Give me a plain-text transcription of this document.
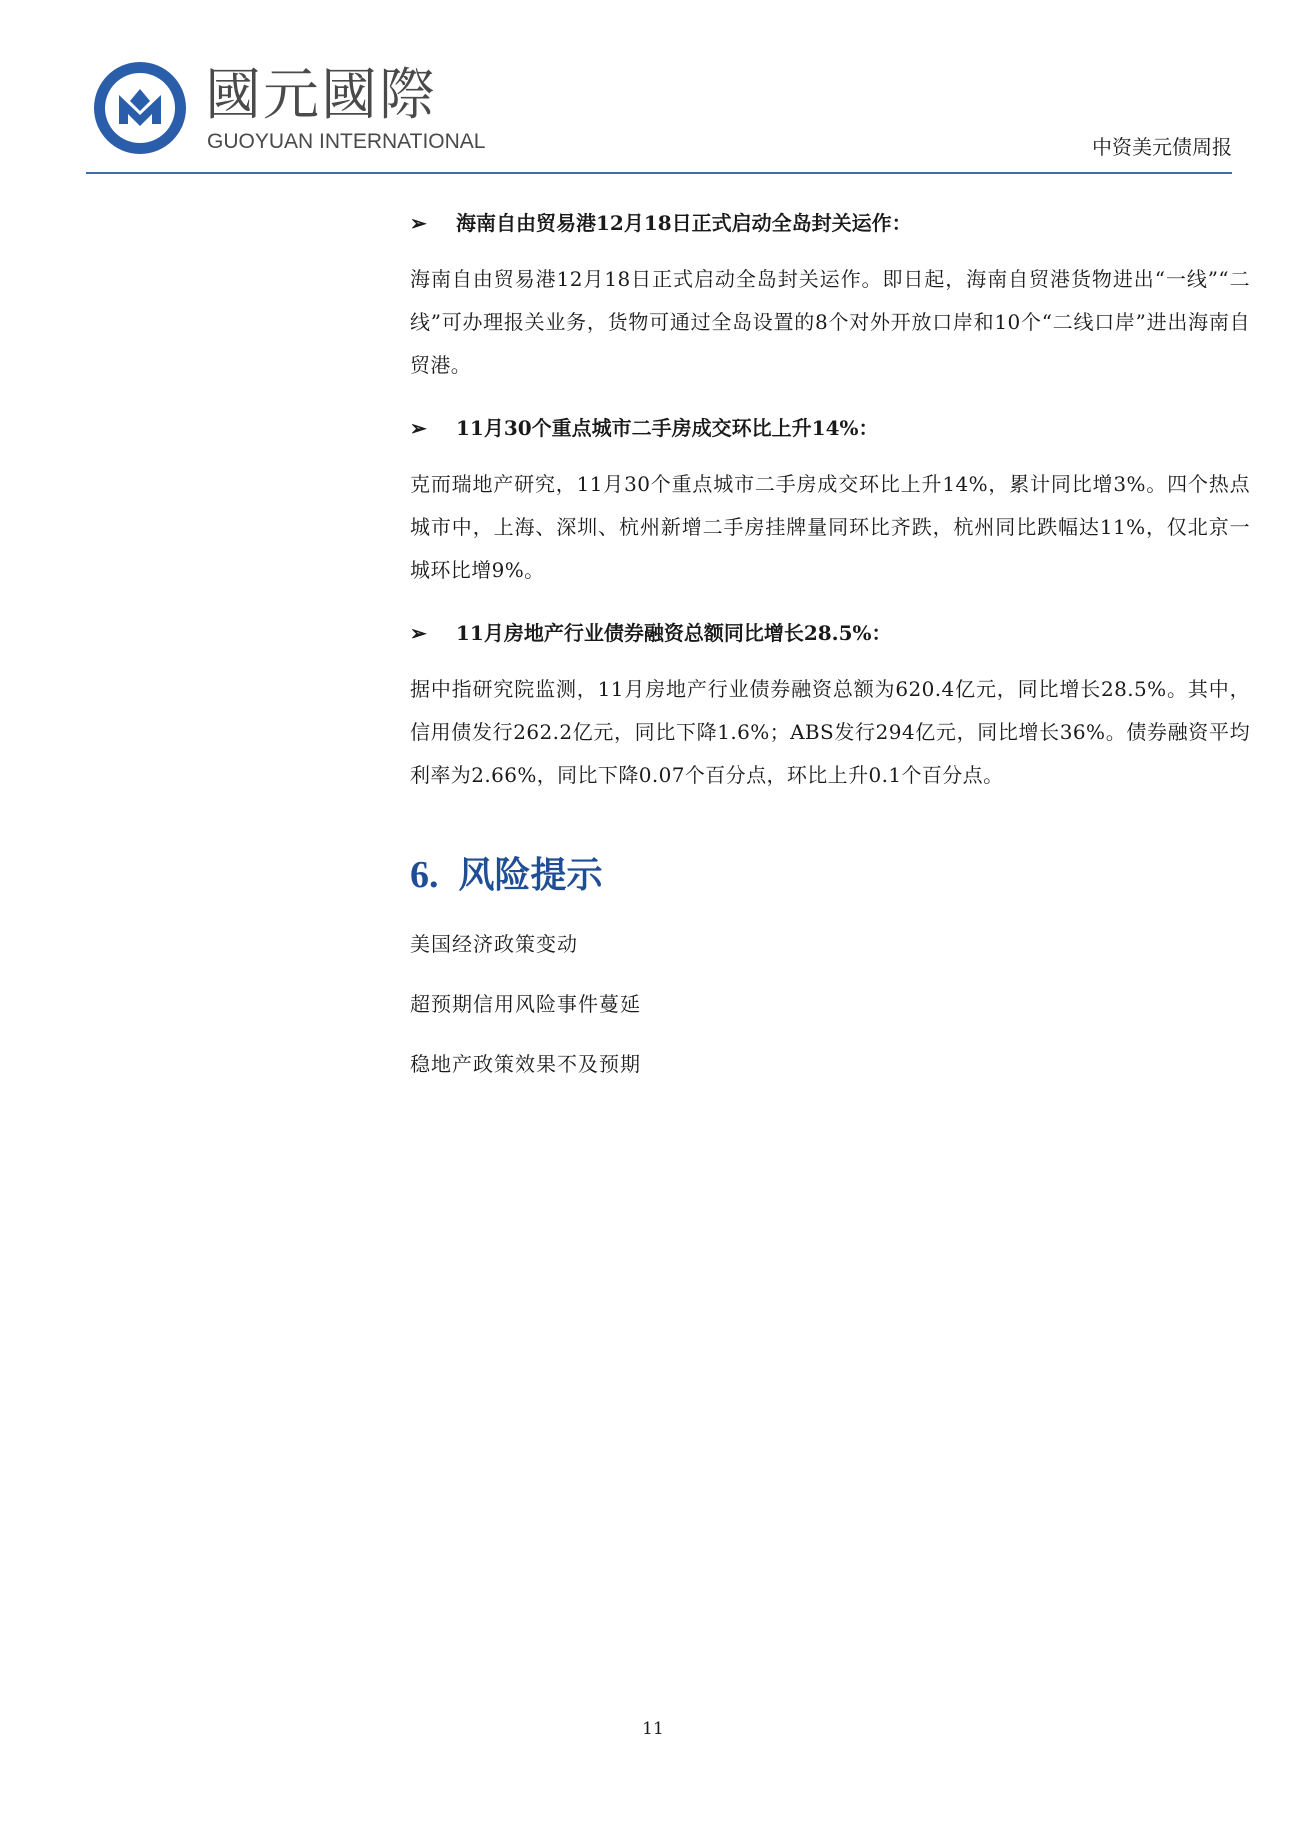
國元國際
GUOYUAN INTERNATIONAL	中资美元债周报
➢	海南自由贸易港12月18日正式启动全岛封关运作：

海南自由贸易港12月18日正式启动全岛封关运作。即日起，海南自贸港货物进出“一线”“二线”可办理报关业务，货物可通过全岛设置的8个对外开放口岸和10个“二线口岸”进出海南自贸港。

➢	11月30个重点城市二手房成交环比上升14%：

克而瑞地产研究，11月30个重点城市二手房成交环比上升14%，累计同比增3%。四个热点城市中，上海、深圳、杭州新增二手房挂牌量同环比齐跌，杭州同比跌幅达11%，仅北京一城环比增9%。

➢	11月房地产行业债券融资总额同比增长28.5%：

据中指研究院监测，11月房地产行业债券融资总额为620.4亿元，同比增长28.5%。其中，信用债发行262.2亿元，同比下降1.6%；ABS发行294亿元，同比增长36%。债券融资平均利率为2.66%，同比下降0.07个百分点，环比上升0.1个百分点。

6. 风险提示
美国经济政策变动
超预期信用风险事件蔓延
稳地产政策效果不及预期
11
